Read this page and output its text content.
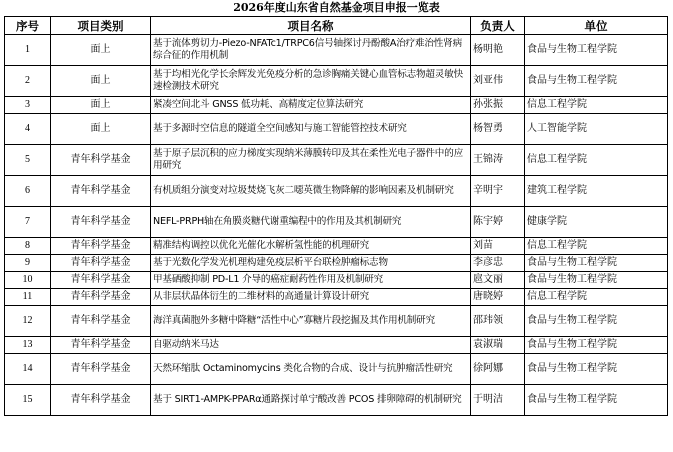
2026年度山东省自然基金项目申报一览表
序号	项目类别	项目名称	负责人	单位
1	面上	基于流体剪切力-Piezo-NFATc1/TRPC6信号轴探讨丹酚酸A治疗难治性肾病综合征的作用机制	杨明艳	食品与生物工程学院
2	面上	基于均相光化学长余辉发光免疫分析的急诊胸痛关键心血管标志物超灵敏快速检测技术研究	刘亚伟	食品与生物工程学院
3	面上	紧凑空间北斗 GNSS 低功耗、高精度定位算法研究	孙张振	信息工程学院
4	面上	基于多源时空信息的隧道全空间感知与施工智能管控技术研究	杨智勇	人工智能学院
5	青年科学基金	基于原子层沉积的应力梯度实现纳米薄膜转印及其在柔性光电子器件中的应用研究	王锦涛	信息工程学院
6	青年科学基金	有机质组分演变对垃圾焚烧飞灰二噁英微生物降解的影响因素及机制研究	辛明宇	建筑工程学院
7	青年科学基金	NEFL-PRPH轴在角膜炎糖代谢重编程中的作用及其机制研究	陈宇婷	健康学院
8	青年科学基金	精准结构调控以优化光催化水解析氢性能的机理研究	刘苗	信息工程学院
9	青年科学基金	基于光数化学发光机理构建免疫层析平台联检肿瘤标志物	李彦忠	食品与生物工程学院
10	青年科学基金	甲基硒酸抑制 PD-L1 介导的癌症耐药性作用及机制研究	扈文丽	食品与生物工程学院
11	青年科学基金	从非层状晶体衍生的二维材料的高通量计算设计研究	唐晓婷	信息工程学院
12	青年科学基金	海洋真菌胞外多糖中降糖“活性中心”寡糖片段挖掘及其作用机制研究	邵玮领	食品与生物工程学院
13	青年科学基金	自驱动纳米马达	袁淑瑞	食品与生物工程学院
14	青年科学基金	天然环缩肽 Octaminomycins 类化合物的合成、设计与抗肿瘤活性研究	徐阿娜	食品与生物工程学院
15	青年科学基金	基于 SIRT1-AMPK-PPARα通路探讨单宁酸改善 PCOS 排卵障碍的机制研究	于明洁	食品与生物工程学院
